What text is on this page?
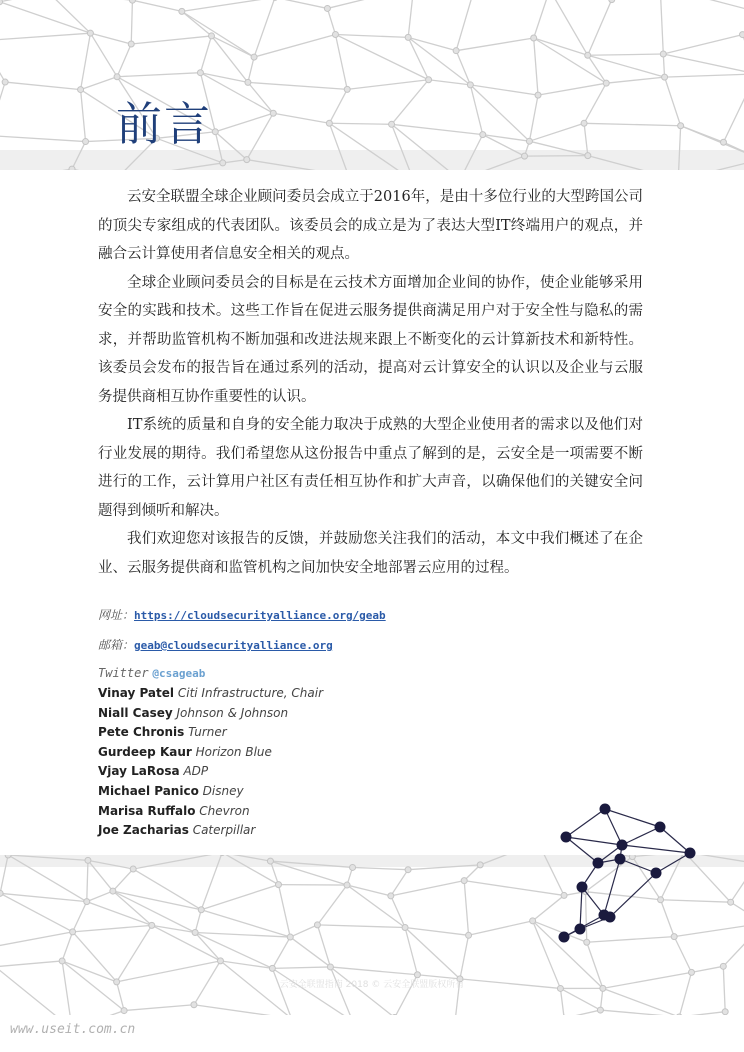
前言

云安全联盟全球企业顾问委员会成立于2016年，是由十多位行业的大型跨国公司的顶尖专家组成的代表团队。该委员会的成立是为了表达大型IT终端用户的观点，并融合云计算使用者信息安全相关的观点。

全球企业顾问委员会的目标是在云技术方面增加企业间的协作，使企业能够采用安全的实践和技术。这些工作旨在促进云服务提供商满足用户对于安全性与隐私的需求，并帮助监管机构不断加强和改进法规来跟上不断变化的云计算新技术和新特性。该委员会发布的报告旨在通过系列的活动，提高对云计算安全的认识以及企业与云服务提供商相互协作重要性的认识。

IT系统的质量和自身的安全能力取决于成熟的大型企业使用者的需求以及他们对行业发展的期待。我们希望您从这份报告中重点了解到的是，云安全是一项需要不断进行的工作，云计算用户社区有责任相互协作和扩大声音，以确保他们的关键安全问题得到倾听和解决。

我们欢迎您对该报告的反馈，并鼓励您关注我们的活动，本文中我们概述了在企业、云服务提供商和监管机构之间加快安全地部署云应用的过程。

网址：https://cloudsecurityalliance.org/geab
邮箱：geab@cloudsecurityalliance.org
Twitter @csageab
Vinay Patel Citi Infrastructure, Chair
Niall Casey Johnson & Johnson
Pete Chronis Turner
Gurdeep Kaur Horizon Blue
Vjay LaRosa ADP
Michael Panico Disney
Marisa Ruffalo Chevron
Joe Zacharias Caterpillar
云安全联盟指南 2018 © 云安全联盟版权所有
www.useit.com.cn
